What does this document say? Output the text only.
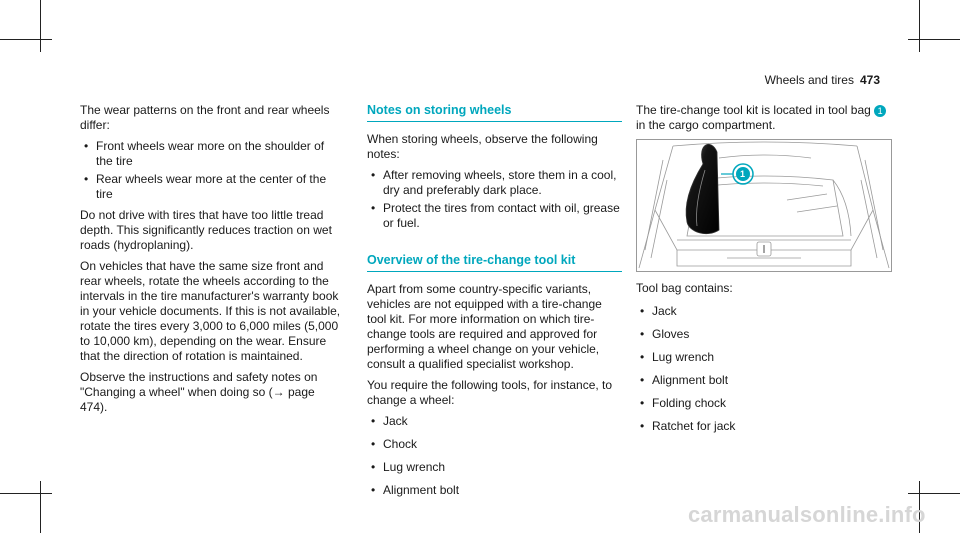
Wheels and tires 473

The wear patterns on the front and rear wheels differ:

• Front wheels wear more on the shoulder of the tire
• Rear wheels wear more at the center of the tire

Do not drive with tires that have too little tread depth. This significantly reduces traction on wet roads (hydroplaning).

On vehicles that have the same size front and rear wheels, rotate the wheels according to the intervals in the tire manufacturer's warranty book in your vehicle documents. If this is not available, rotate the tires every 3,000 to 6,000 miles (5,000 to 10,000 km), depending on the wear. Ensure that the direction of rotation is maintained.

Observe the instructions and safety notes on "Changing a wheel" when doing so (→ page 474).

Notes on storing wheels

When storing wheels, observe the following notes:

• After removing wheels, store them in a cool, dry and preferably dark place.
• Protect the tires from contact with oil, grease or fuel.
Overview of the tire-change tool kit

Apart from some country-specific variants, vehicles are not equipped with a tire-change tool kit. For more information on which tire-change tools are required and approved for performing a wheel change on your vehicle, consult a qualified specialist workshop.

You require the following tools, for instance, to change a wheel:

• Jack
• Chock
• Lug wrench
• Alignment bolt

The tire-change tool kit is located in tool bag 1
in the cargo compartment.

1

Tool bag contains:

• Jack
• Gloves
• Lug wrench
• Alignment bolt
• Folding chock
• Ratchet for jack
carmanualsonline.info
